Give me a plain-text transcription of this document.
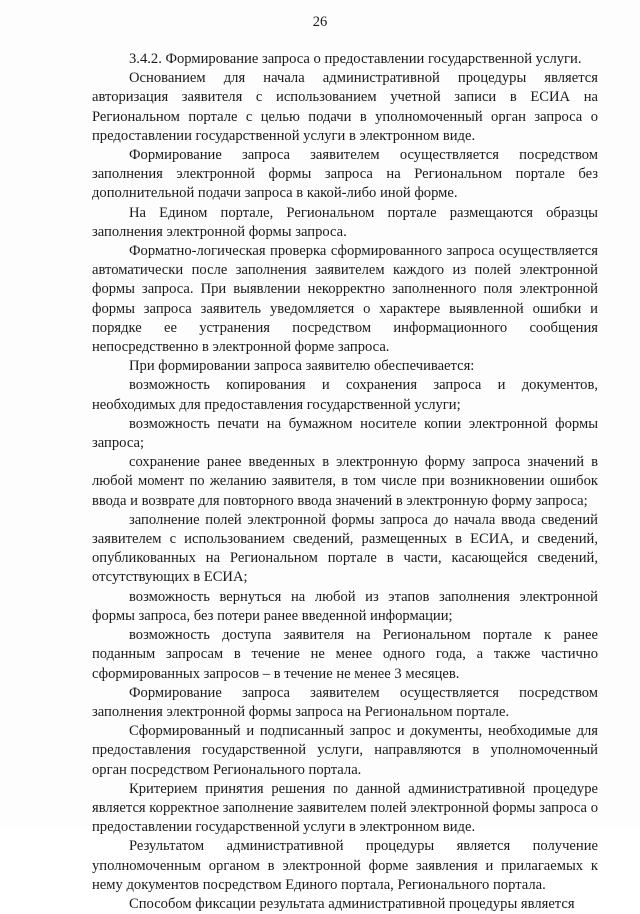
26

3.4.2. Формирование запроса о предоставлении государственной услуги.

Основанием для начала административной процедуры является авторизация заявителя с использованием учетной записи в ЕСИА на Региональном портале с целью подачи в уполномоченный орган запроса о предоставлении государственной услуги в электронном виде.

Формирование запроса заявителем осуществляется посредством заполнения электронной формы запроса на Региональном портале без дополнительной подачи запроса в какой-либо иной форме.

На Едином портале, Региональном портале размещаются образцы заполнения электронной формы запроса.

Форматно-логическая проверка сформированного запроса осуществляется автоматически после заполнения заявителем каждого из полей электронной формы запроса. При выявлении некорректно заполненного поля электронной формы запроса заявитель уведомляется о характере выявленной ошибки и порядке ее устранения посредством информационного сообщения непосредственно в электронной форме запроса.

При формировании запроса заявителю обеспечивается:

возможность копирования и сохранения запроса и документов, необходимых для предоставления государственной услуги;

возможность печати на бумажном носителе копии электронной формы запроса;

сохранение ранее введенных в электронную форму запроса значений в любой момент по желанию заявителя, в том числе при возникновении ошибок ввода и возврате для повторного ввода значений в электронную форму запроса;

заполнение полей электронной формы запроса до начала ввода сведений заявителем с использованием сведений, размещенных в ЕСИА, и сведений, опубликованных на Региональном портале в части, касающейся сведений, отсутствующих в ЕСИА;

возможность вернуться на любой из этапов заполнения электронной формы запроса, без потери ранее введенной информации;

возможность доступа заявителя на Региональном портале к ранее поданным запросам в течение не менее одного года, а также частично сформированных запросов – в течение не менее 3 месяцев.

Формирование запроса заявителем осуществляется посредством заполнения электронной формы запроса на Региональном портале.

Сформированный и подписанный запрос и документы, необходимые для предоставления государственной услуги, направляются в уполномоченный орган посредством Регионального портала.

Критерием принятия решения по данной административной процедуре является корректное заполнение заявителем полей электронной формы запроса о предоставлении государственной услуги в электронном виде.

Результатом административной процедуры является получение уполномоченным органом в электронной форме заявления и прилагаемых к нему документов посредством Единого портала, Регионального портала.

Способом фиксации результата административной процедуры является
